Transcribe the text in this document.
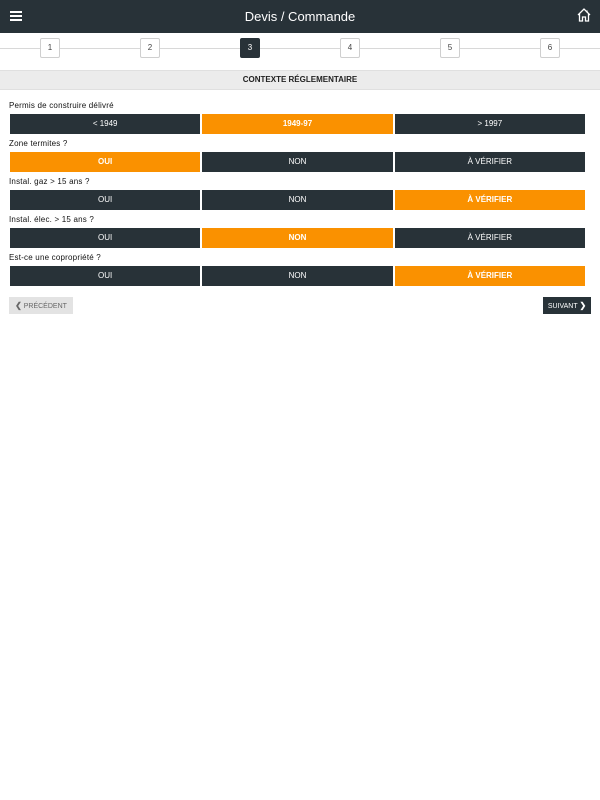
Devis / Commande
1	2	3	4	5	6
CONTEXTE RÉGLEMENTAIRE
Permis de construire délivré
< 1949	1949-97	> 1997
Zone termites ?
OUI	NON	À VÉRIFIER
Instal. gaz > 15 ans ?
OUI	NON	À VÉRIFIER
Instal. élec. > 15 ans ?
OUI	NON	À VÉRIFIER
Est-ce une copropriété ?
OUI	NON	À VÉRIFIER
❮ PRÉCÉDENT	SUIVANT ❯
